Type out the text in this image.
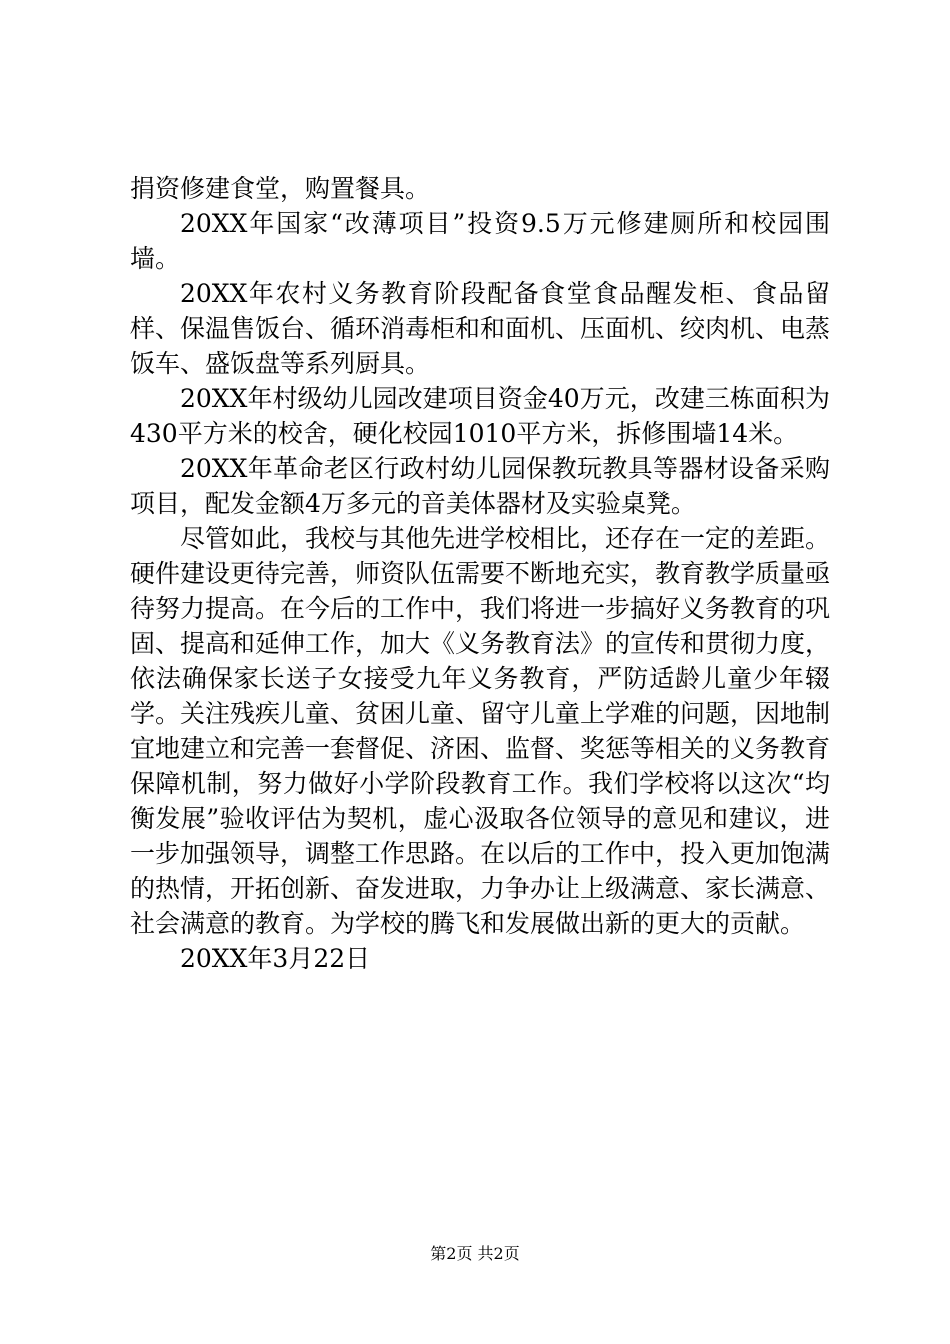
捐资修建食堂，购置餐具。

20XX年国家“改薄项目”投资9.5万元修建厕所和校园围墙。

20XX年农村义务教育阶段配备食堂食品醒发柜、食品留样、保温售饭台、循环消毒柜和和面机、压面机、绞肉机、电蒸饭车、盛饭盘等系列厨具。

20XX年村级幼儿园改建项目资金40万元，改建三栋面积为430平方米的校舍，硬化校园1010平方米，拆修围墙14米。

20XX年革命老区行政村幼儿园保教玩教具等器材设备采购项目，配发金额4万多元的音美体器材及实验桌凳。

尽管如此，我校与其他先进学校相比，还存在一定的差距。硬件建设更待完善，师资队伍需要不断地充实，教育教学质量亟待努力提高。在今后的工作中，我们将进一步搞好义务教育的巩固、提高和延伸工作，加大《义务教育法》的宣传和贯彻力度，依法确保家长送子女接受九年义务教育，严防适龄儿童少年辍学。关注残疾儿童、贫困儿童、留守儿童上学难的问题，因地制宜地建立和完善一套督促、济困、监督、奖惩等相关的义务教育保障机制，努力做好小学阶段教育工作。我们学校将以这次“均衡发展”验收评估为契机，虚心汲取各位领导的意见和建议，进一步加强领导，调整工作思路。在以后的工作中，投入更加饱满的热情，开拓创新、奋发进取，力争办让上级满意、家长满意、社会满意的教育。为学校的腾飞和发展做出新的更大的贡献。

20XX年3月22日

第2页 共2页
